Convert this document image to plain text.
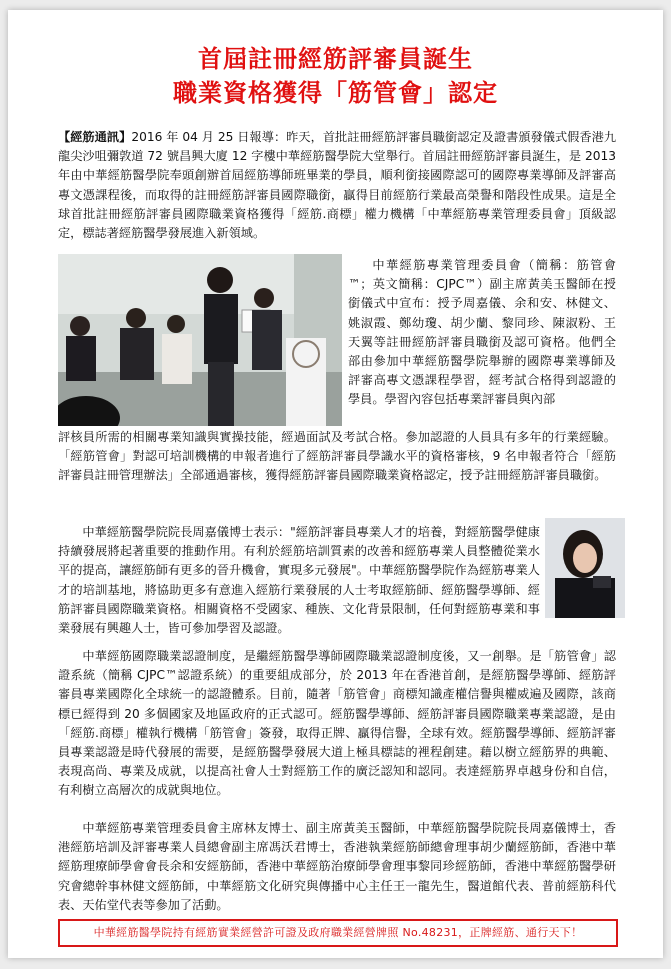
首屆註冊經筋評審員誕生
職業資格獲得「筋管會」認定

【經筋通訊】2016 年 04 月 25 日報導：昨天，首批註冊經筋評審員職銜認定及證書頒發儀式假香港九龍尖沙咀彌敦道 72 號昌興大廈 12 字樓中華經筋醫學院大堂舉行。首屆註冊經筋評審員誕生，是 2013 年由中華經筋醫學院奉頭創辦首屆經筋導師班畢業的學員，順利銜接國際認可的國際專業導師及評審高專文憑課程後，而取得的註冊經筋評審員國際職銜，贏得目前經筋行業最高榮譽和階段性成果。這是全球首批註冊經筋評審員國際職業資格獲得「經筋.商標」權力機構「中華經筋專業管理委員會」頂級認定，標誌著經筋醫學發展進入新領域。

中華經筋專業管理委員會（簡稱：筋管會™；英文簡稱：CJPC™）副主席黃美玉醫師在授銜儀式中宣布：授予周嘉儀、余和安、林健文、姚淑霞、鄭幼瓊、胡少蘭、黎同珍、陳淑粉、王天翼等註冊經筋評審員職銜及認可資格。他們全部由參加中華經筋醫學院舉辦的國際專業導師及評審高專文憑課程學習，經考試合格得到認證的學員。學習內容包括專業評審員與內部

評核員所需的相關專業知識與實操技能，經過面試及考試合格。參加認證的人員具有多年的行業經驗。「經筋管會」對認可培訓機構的申報者進行了經筋評審員學識水平的資格審核，9 名申報者符合「經筋評審員註冊管理辦法」全部通過審核，獲得經筋評審員國際職業資格認定，授予註冊經筋評審員職銜。

中華經筋醫學院院長周嘉儀博士表示："經筋評審員專業人才的培養，對經筋醫學健康持續發展將起著重要的推動作用。有利於經筋培訓質素的改善和經筋專業人員整體從業水平的提高，讓經筋師有更多的晉升機會，實現多元發展"。中華經筋醫學院作為經筋專業人才的培訓基地，將協助更多有意進入經筋行業發展的人士考取經筋師、經筋醫學導師、經筋評審員國際職業資格。相關資格不受國家、種族、文化背景限制，任何對經筋專業和事業發展有興趣人士，皆可參加學習及認證。

中華經筋國際職業認證制度，是繼經筋醫學導師國際職業認證制度後，又一創舉。是「筋管會」認證系統（簡稱 CJPC™認證系統）的重要組成部分，於 2013 年在香港首創，是經筋醫學導師、經筋評審員專業國際化全球統一的認證體系。目前，隨著「筋管會」商標知識產權信譽與權威遍及國際，該商標已經得到 20 多個國家及地區政府的正式認可。經筋醫學導師、經筋評審員國際職業專業認證，是由「經筋.商標」權執行機構「筋管會」簽發，取得正牌、贏得信譽，全球有效。經筋醫學導師、經筋評審員專業認證是時代發展的需要，是經筋醫學發展大道上極具標誌的裡程創建。藉以樹立經筋界的典範、表現高尚、專業及成就，以提高社會人士對經筋工作的廣泛認知和認同。表達經筋界卓越身份和自信，有利樹立高層次的成就與地位。

中華經筋專業管理委員會主席林友博士、副主席黃美玉醫師，中華經筋醫學院院長周嘉儀博士，香港經筋培訓及評審專業人員總會副主席馮沃君博士，香港執業經筋師總會理事胡少蘭經筋師，香港中華經筋理療師學會會長余和安經筋師，香港中華經筋治療師學會理事黎同珍經筋師，香港中華經筋醫學研究會總幹事林健文經筋師，中華經筋文化研究與傳播中心主任王一龍先生，醫道館代表、普前經筋科代表、天佑堂代表等參加了活動。

中華經筋醫學院持有經筋實業經營許可證及政府職業經營牌照 No.48231，正牌經筋、通行天下！
